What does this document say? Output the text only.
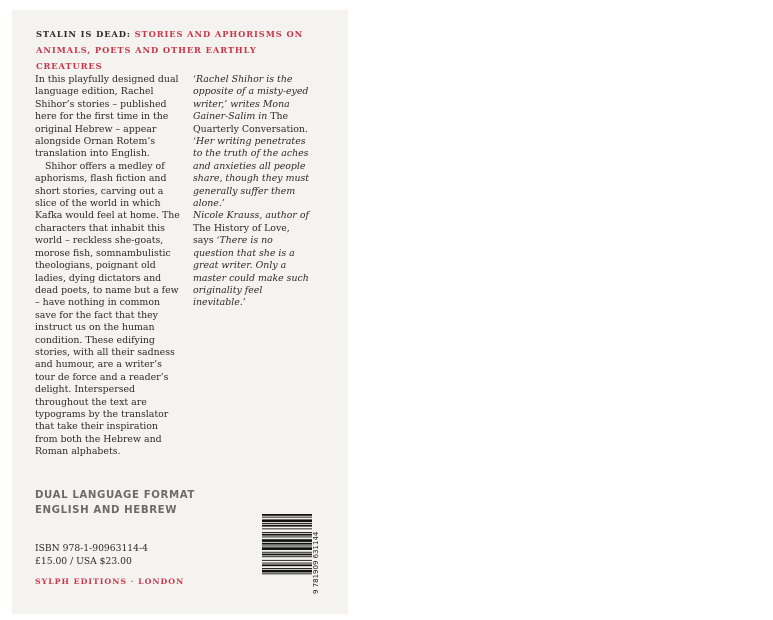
STALIN IS DEAD: STORIES AND APHORISMS ON ANIMALS, POETS AND OTHER EARTHLY CREATURES

In this playfully designed dual language edition, Rachel Shihor’s stories – published here for the first time in the original Hebrew – appear alongside Ornan Rotem’s translation into English.

Shihor offers a medley of aphorisms, flash fiction and short stories, carving out a slice of the world in which Kafka would feel at home. The characters that inhabit this world – reckless she-goats, morose fish, somnambulistic theologians, poignant old ladies, dying dictators and dead poets, to name but a few – have nothing in common save for the fact that they instruct us on the human condition. These edifying stories, with all their sadness and humour, are a writer’s tour de force and a reader’s delight. Interspersed throughout the text are typograms by the translator that take their inspiration from both the Hebrew and Roman alphabets.

‘Rachel Shihor is the opposite of a misty-eyed writer,’ writes Mona Gainer-Salim in The Quarterly Conversation.

‘Her writing penetrates to the truth of the aches and anxieties all people share, though they must generally suffer them alone.’

Nicole Krauss, author of The History of Love, says ‘There is no question that she is a great writer. Only a master could make such originality feel inevitable.’

DUAL LANGUAGE FORMAT
ENGLISH AND HEBREW
ISBN 978-1-90963114-4
£15.00 / USA $23.00
SYLPH EDITIONS · LONDON	9 781909 631144
